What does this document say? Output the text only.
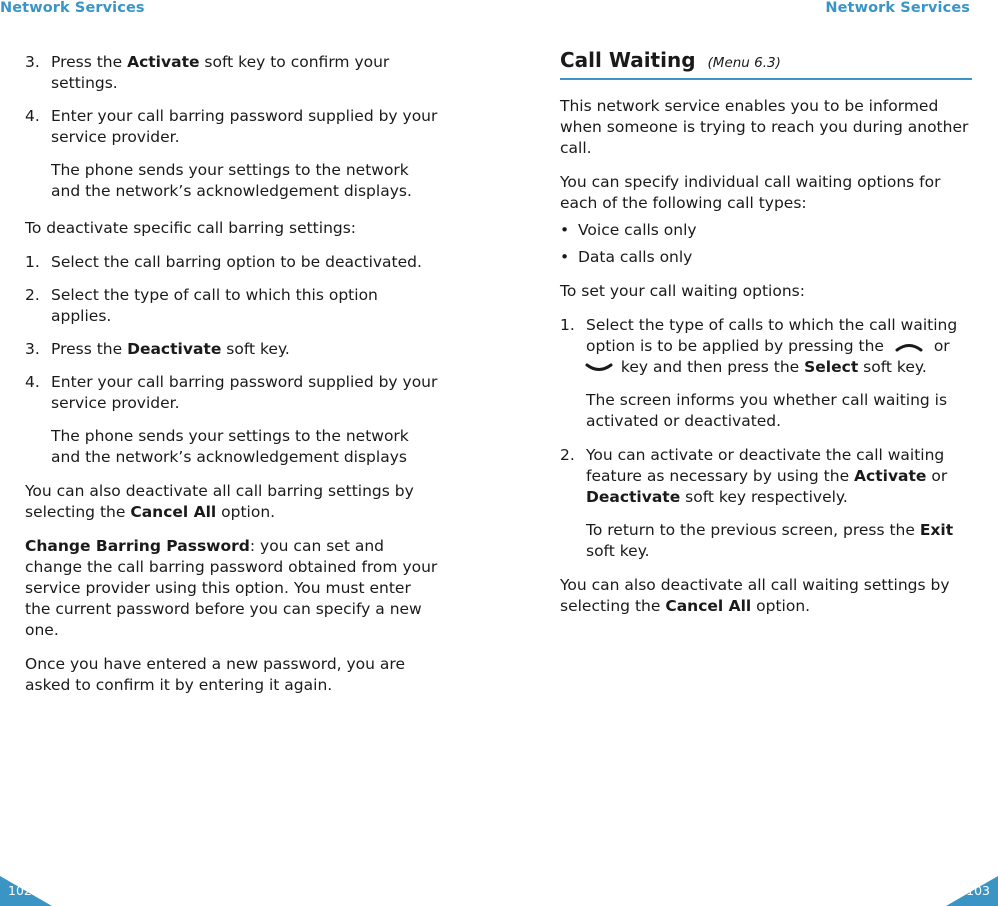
Network Services	Network Services
3. Press the Activate soft key to confirm your settings.
4. Enter your call barring password supplied by your service provider.

The phone sends your settings to the network and the network’s acknowledgement displays.

To deactivate specific call barring settings:

1. Select the call barring option to be deactivated.
2. Select the type of call to which this option applies.
3. Press the Deactivate soft key.
4. Enter your call barring password supplied by your service provider.

The phone sends your settings to the network and the network’s acknowledgement displays

You can also deactivate all call barring settings by selecting the Cancel All option.

Change Barring Password: you can set and change the call barring password obtained from your service provider using this option. You must enter the current password before you can specify a new one.

Once you have entered a new password, you are asked to confirm it by entering it again.

Call Waiting (Menu 6.3)

This network service enables you to be informed when someone is trying to reach you during another call.

You can specify individual call waiting options for each of the following call types:

• Voice calls only
• Data calls only

To set your call waiting options:

1. Select the type of calls to which the call waiting option is to be applied by pressing the	or
key and then press the Select soft key.

The screen informs you whether call waiting is activated or deactivated.

2. You can activate or deactivate the call waiting feature as necessary by using the Activate or Deactivate soft key respectively.

To return to the previous screen, press the Exit soft key.

You can also deactivate all call waiting settings by selecting the Cancel All option.

102	103
